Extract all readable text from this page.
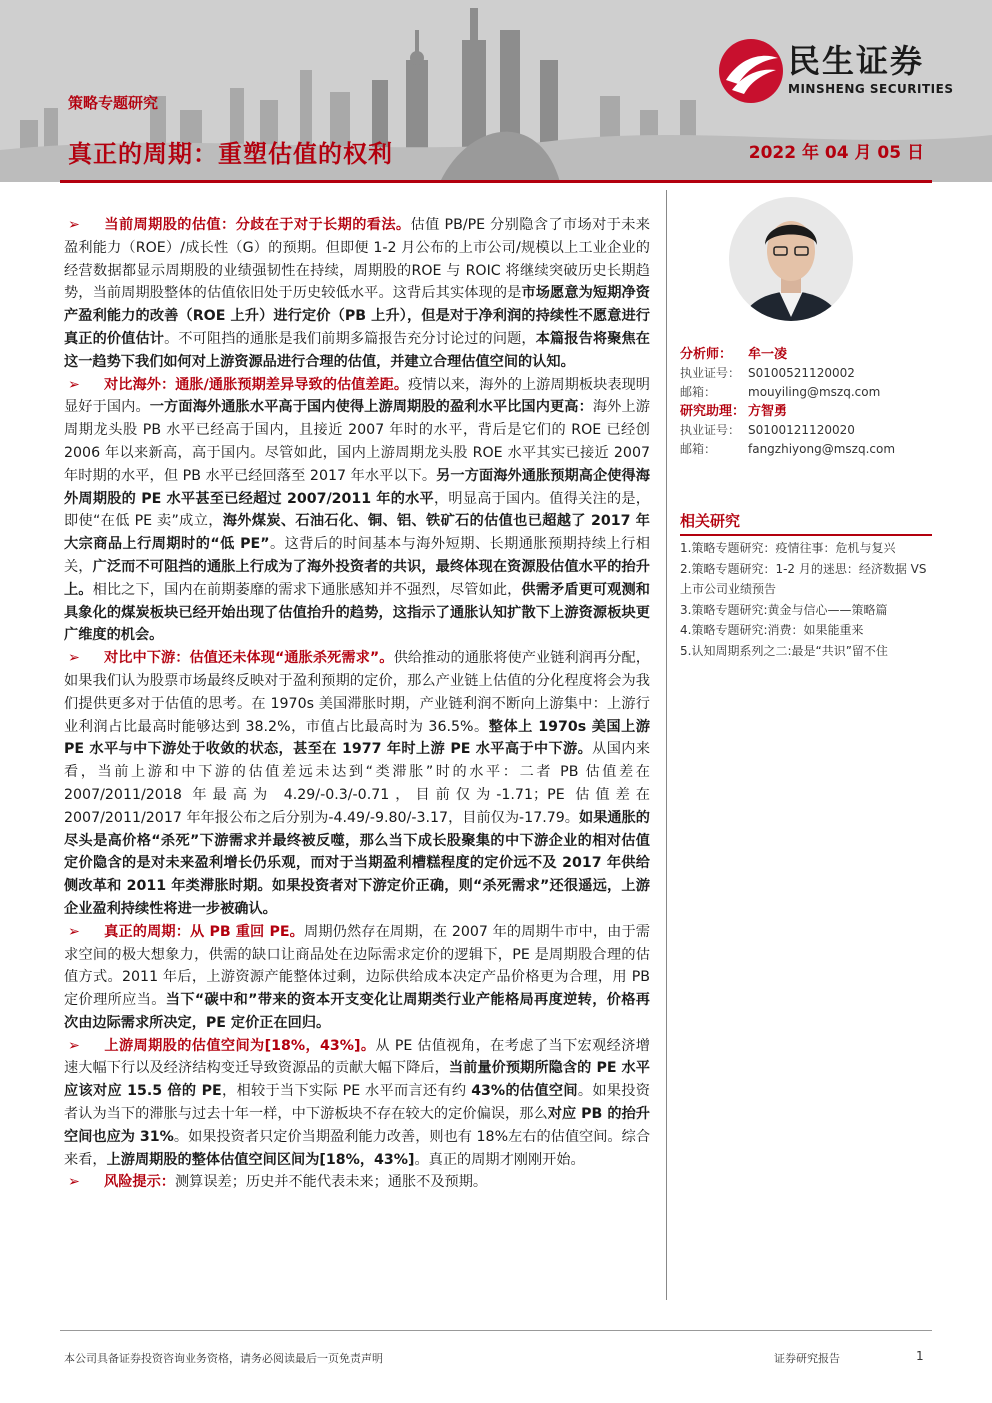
策略专题研究
真正的周期：重塑估值的权利	2022 年 04 月 05 日
民生证券
MINSHENG SECURITIES

➢ 当前周期股的估值：分歧在于对于长期的看法。估值 PB/PE 分别隐含了市场对于未来盈利能力（ROE）/成长性（G）的预期。但即便 1-2 月公布的上市公司/规模以上工业企业的经营数据都显示周期股的业绩强韧性在持续，周期股的ROE 与 ROIC 将继续突破历史长期趋势，当前周期股整体的估值依旧处于历史较低水平。这背后其实体现的是市场愿意为短期净资产盈利能力的改善（ROE 上升）进行定价（PB 上升），但是对于净利润的持续性不愿意进行真正的价值估计。不可阻挡的通胀是我们前期多篇报告充分讨论过的问题，本篇报告将聚焦在这一趋势下我们如何对上游资源品进行合理的估值，并建立合理估值空间的认知。

➢ 对比海外：通胀/通胀预期差异导致的估值差距。疫情以来，海外的上游周期板块表现明显好于国内。一方面海外通胀水平高于国内使得上游周期股的盈利水平比国内更高：海外上游周期龙头股 PB 水平已经高于国内，且接近 2007 年时的水平，背后是它们的 ROE 已经创 2006 年以来新高，高于国内。尽管如此，国内上游周期龙头股 ROE 水平其实已接近 2007 年时期的水平，但 PB 水平已经回落至 2017 年水平以下。另一方面海外通胀预期高企使得海外周期股的 PE 水平甚至已经超过 2007/2011 年的水平，明显高于国内。值得关注的是，即使“在低 PE 卖”成立，海外煤炭、石油石化、铜、铝、铁矿石的估值也已超越了 2017 年大宗商品上行周期时的“低 PE”。这背后的时间基本与海外短期、长期通胀预期持续上行相关，广泛而不可阻挡的通胀上行成为了海外投资者的共识，最终体现在资源股估值水平的抬升上。相比之下，国内在前期萎靡的需求下通胀感知并不强烈，尽管如此，供需矛盾更可观测和具象化的煤炭板块已经开始出现了估值抬升的趋势，这指示了通胀认知扩散下上游资源板块更广维度的机会。

➢ 对比中下游：估值还未体现“通胀杀死需求”。供给推动的通胀将使产业链利润再分配，如果我们认为股票市场最终反映对于盈利预期的定价，那么产业链上估值的分化程度将会为我们提供更多对于估值的思考。在 1970s 美国滞胀时期，产业链利润不断向上游集中：上游行业利润占比最高时能够达到 38.2%，市值占比最高时为 36.5%。整体上 1970s 美国上游 PE 水平与中下游处于收敛的状态，甚至在 1977 年时上游 PE 水平高于中下游。从国内来看，当前上游和中下游的估值差远未达到“类滞胀”时的水平：二者 PB 估值差在 2007/2011/2018 年最高为 4.29/-0.3/-0.71，目前仅为-1.71；PE 估值差在 2007/2011/2017 年年报公布之后分别为-4.49/-9.80/-3.17，目前仅为-17.79。如果通胀的尽头是高价格“杀死”下游需求并最终被反噬，那么当下成长股聚集的中下游企业的相对估值定价隐含的是对未来盈利增长仍乐观，而对于当期盈利槽糕程度的定价远不及 2017 年供给侧改革和 2011 年类滞胀时期。如果投资者对下游定价正确，则“杀死需求”还很遥远，上游企业盈利持续性将进一步被确认。

➢ 真正的周期：从 PB 重回 PE。周期仍然存在周期，在 2007 年的周期牛市中，由于需求空间的极大想象力，供需的缺口让商品处在边际需求定价的逻辑下，PE 是周期股合理的估值方式。2011 年后，上游资源产能整体过剩，边际供给成本决定产品价格更为合理，用 PB 定价理所应当。当下“碳中和”带来的资本开支变化让周期类行业产能格局再度逆转，价格再次由边际需求所决定，PE 定价正在回归。

➢ 上游周期股的估值空间为[18%，43%]。从 PE 估值视角，在考虑了当下宏观经济增速大幅下行以及经济结构变迁导致资源品的贡献大幅下降后，当前量价预期所隐含的 PE 水平应该对应 15.5 倍的 PE，相较于当下实际 PE 水平而言还有约 43%的估值空间。如果投资者认为当下的滞胀与过去十年一样，中下游板块不存在较大的定价偏误，那么对应 PB 的抬升空间也应为 31%。如果投资者只定价当期盈利能力改善，则也有 18%左右的估值空间。综合来看，上游周期股的整体估值空间区间为[18%，43%]。真正的周期才刚刚开始。

➢ 风险提示：测算误差；历史并不能代表未来；通胀不及预期。

分析师： 牟一凌
执业证号： S0100521120002
邮箱：	mouyiling@mszq.com
研究助理： 方智勇
执业证号： S0100121120020
邮箱：	fangzhiyong@mszq.com
相关研究
1.策略专题研究：疫情往事：危机与复兴
2.策略专题研究：1-2 月的迷思：经济数据 VS
上市公司业绩预告
3.策略专题研究:黄金与信心——策略篇
4.策略专题研究:消费：如果能重来
5.认知周期系列之二:最是“共识”留不住
本公司具备证券投资咨询业务资格，请务必阅读最后一页免责声明	证券研究报告	1
